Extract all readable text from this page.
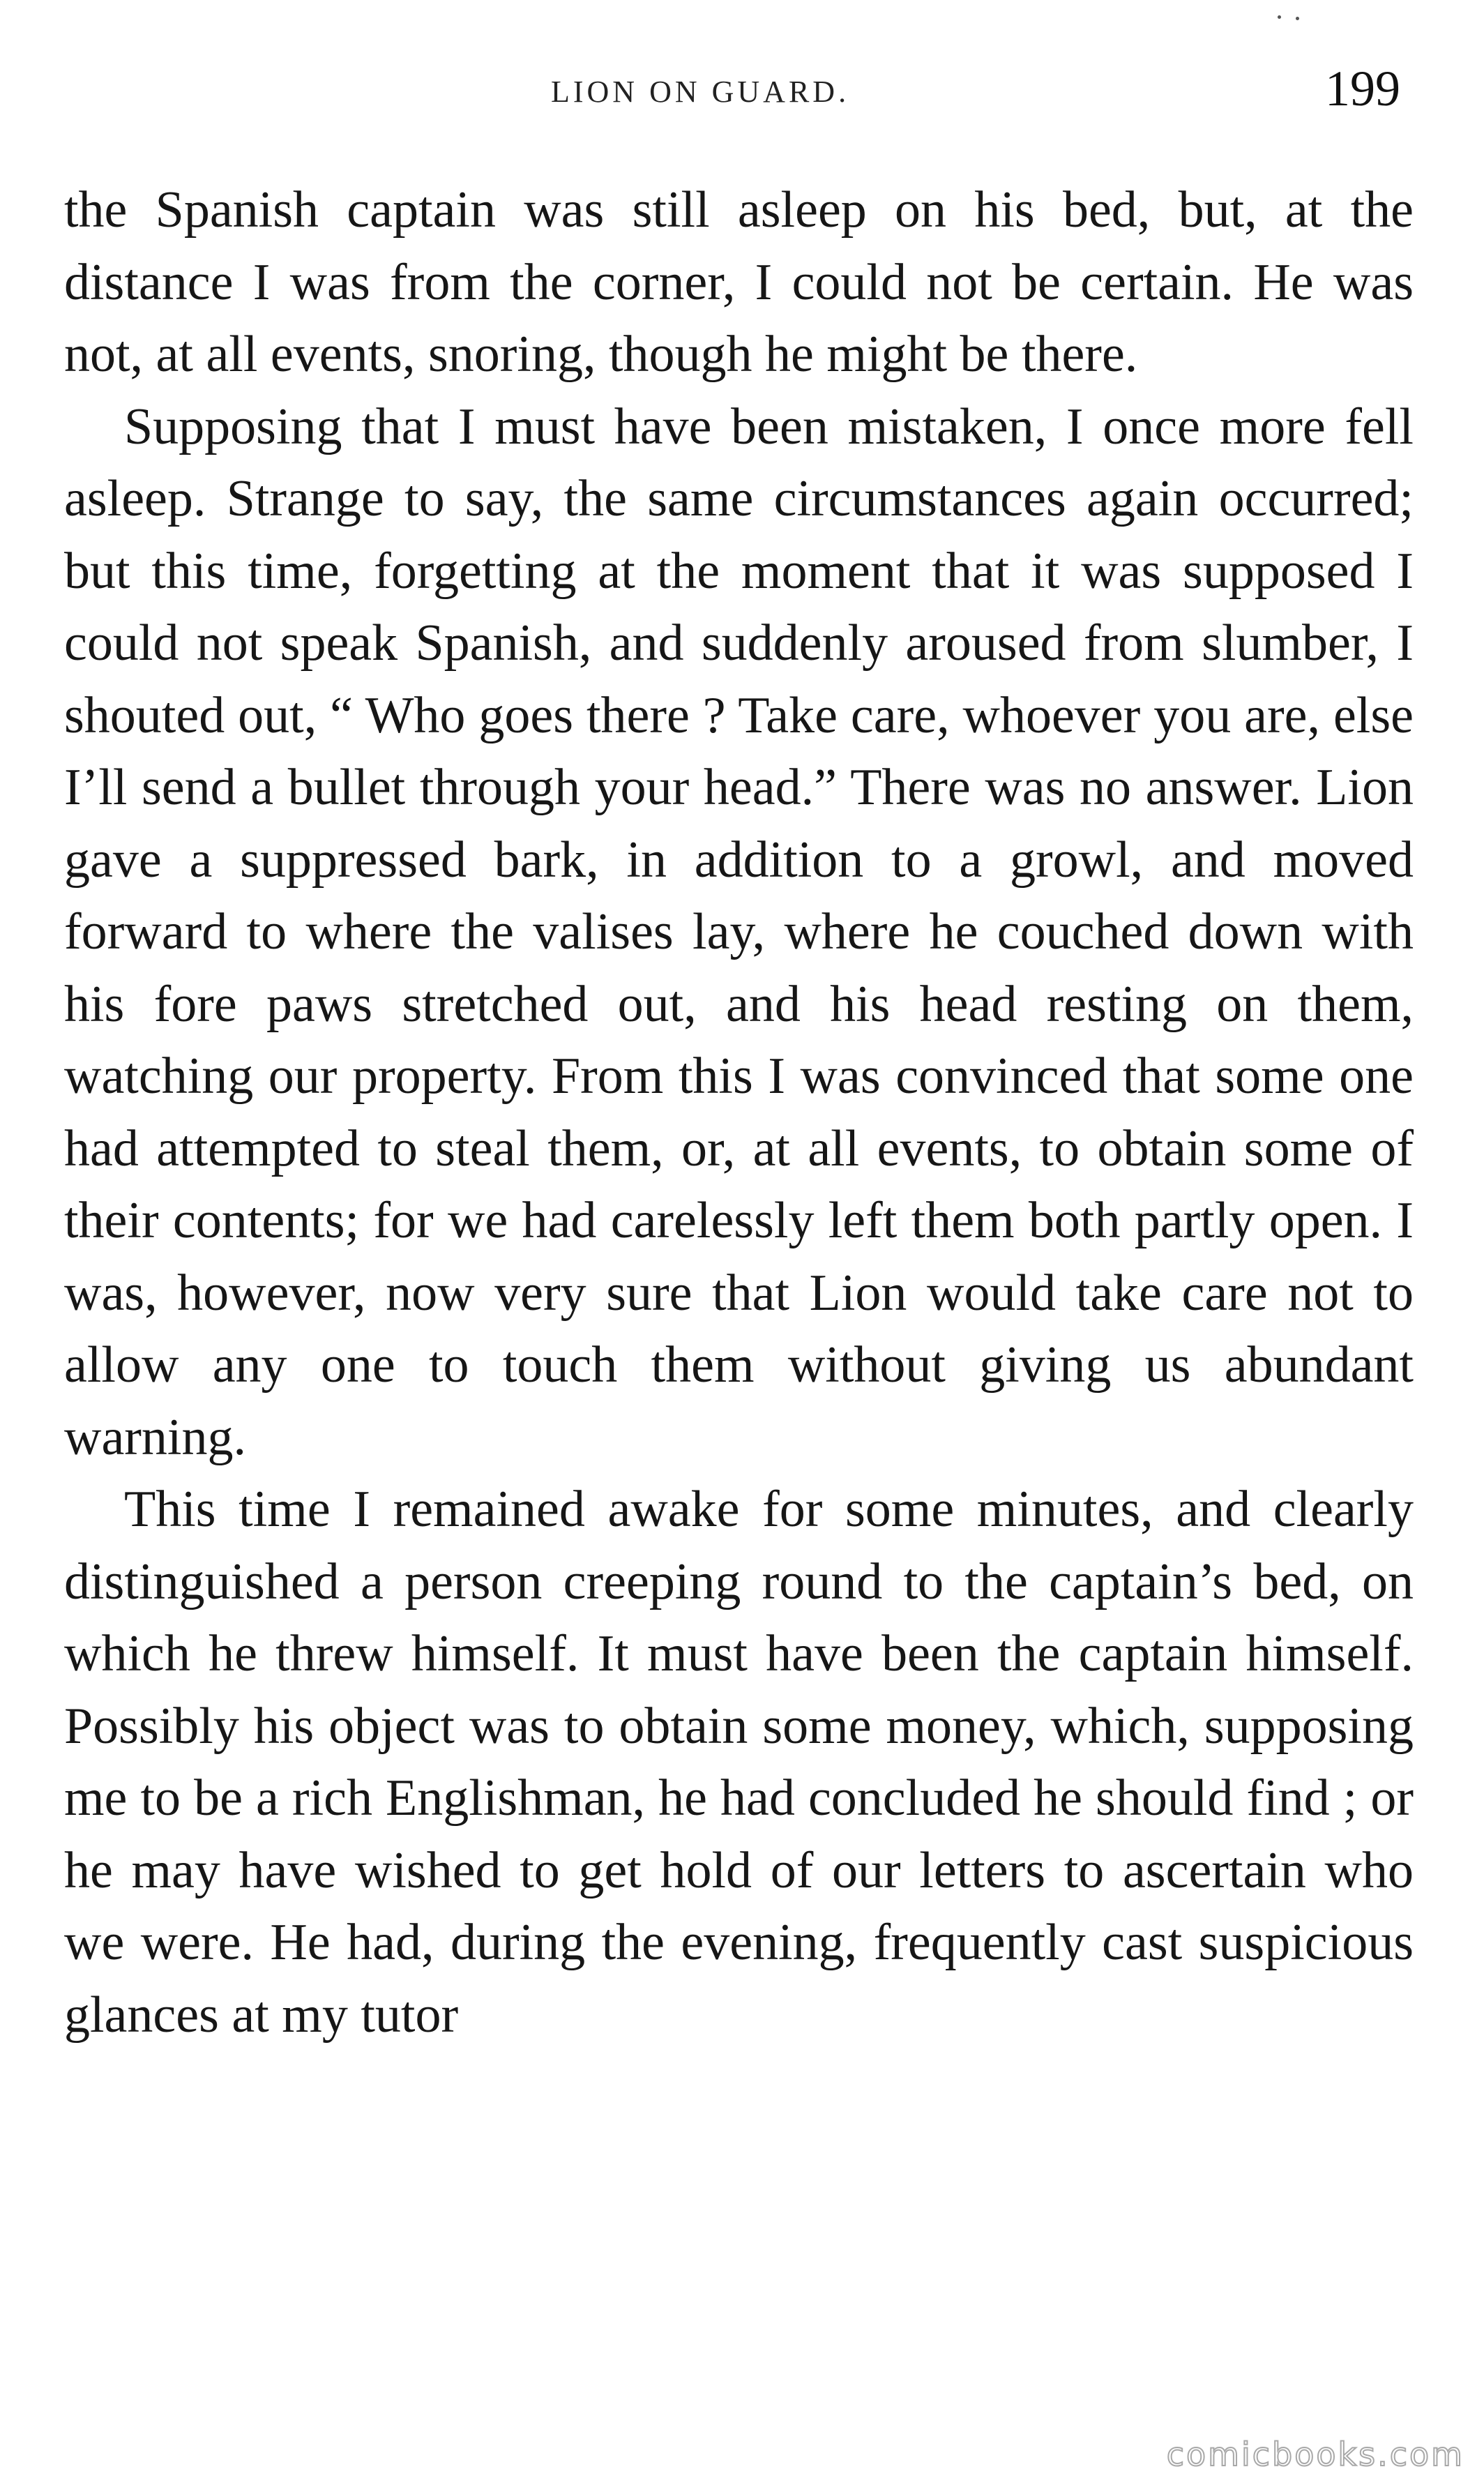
LION ON GUARD.	199

the Spanish captain was still asleep on his bed, but, at the distance I was from the corner, I could not be certain. He was not, at all events, snoring, though he might be there.

Supposing that I must have been mistaken, I once more fell asleep. Strange to say, the same circumstances again occurred; but this time, forgetting at the moment that it was supposed I could not speak Spanish, and suddenly aroused from slumber, I shouted out, “ Who goes there ? Take care, whoever you are, else I’ll send a bullet through your head.” There was no answer. Lion gave a suppressed bark, in addition to a growl, and moved forward to where the valises lay, where he couched down with his fore paws stretched out, and his head resting on them, watching our property. From this I was convinced that some one had attempted to steal them, or, at all events, to obtain some of their contents; for we had carelessly left them both partly open. I was, however, now very sure that Lion would take care not to allow any one to touch them without giving us abundant warning.

This time I remained awake for some minutes, and clearly distinguished a person creeping round to the captain’s bed, on which he threw himself. It must have been the captain himself. Possibly his object was to obtain some money, which, supposing me to be a rich Englishman, he had concluded he should find ; or he may have wished to get hold of our letters to ascertain who we were. He had, during the evening, frequently cast suspicious glances at my tutor

comicbooks.com
